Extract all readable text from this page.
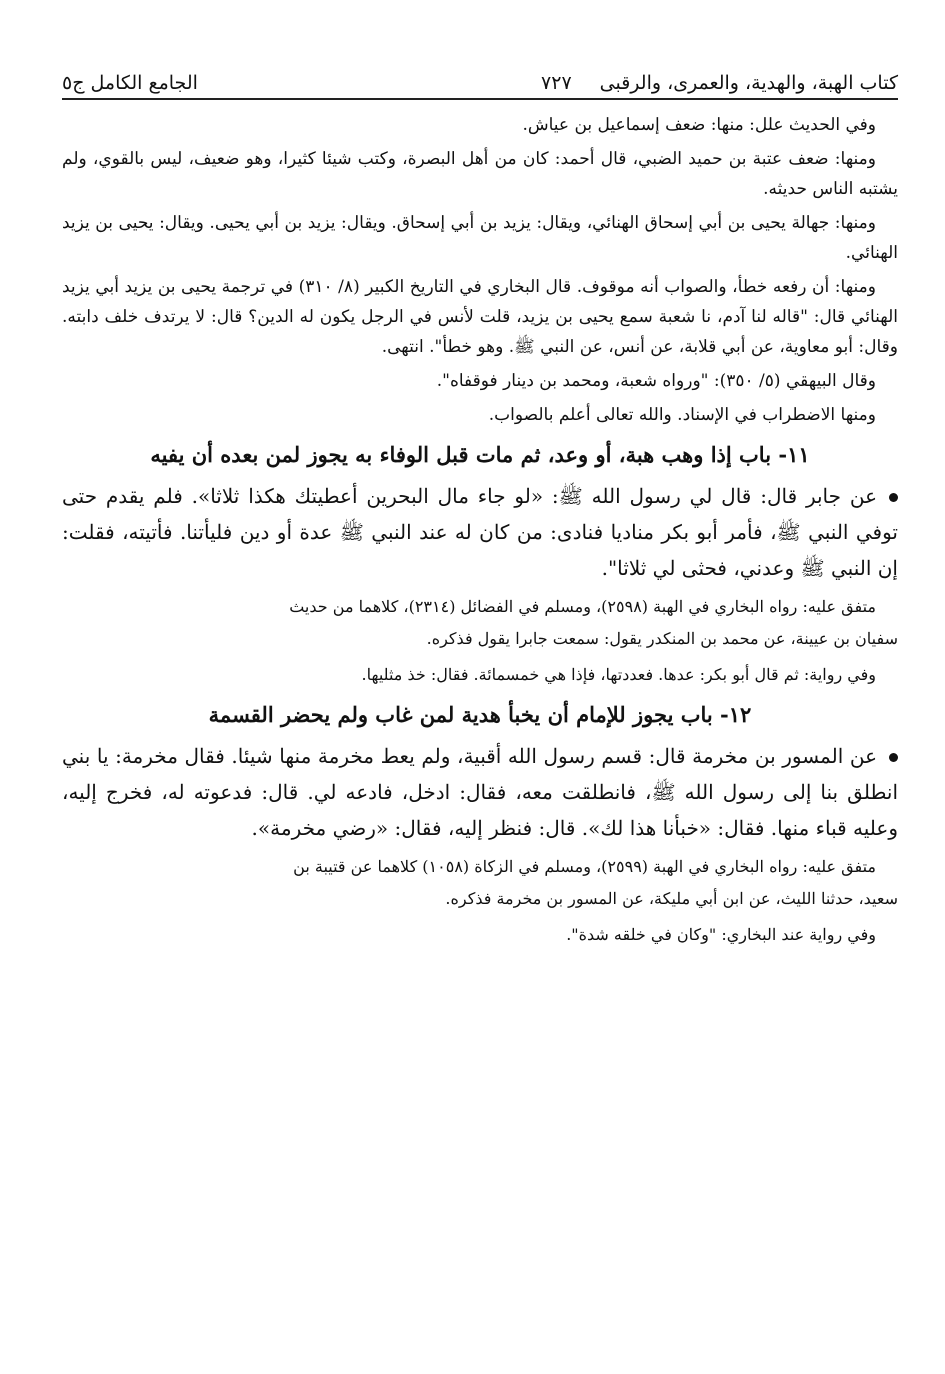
كتاب الهبة، والهدية، والعمرى، والرقبى
٧٢٧
الجامع الكامل ج٥

وفي الحديث علل: منها: ضعف إسماعيل بن عياش.

ومنها: ضعف عتبة بن حميد الضبي، قال أحمد: كان من أهل البصرة، وكتب شيئا كثيرا، وهو ضعيف، ليس بالقوي، ولم يشتبه الناس حديثه.

ومنها: جهالة يحيى بن أبي إسحاق الهنائي، ويقال: يزيد بن أبي إسحاق. ويقال: يزيد بن أبي يحيى. ويقال: يحيى بن يزيد الهنائي.

ومنها: أن رفعه خطأ، والصواب أنه موقوف. قال البخاري في التاريخ الكبير (٨/ ٣١٠) في ترجمة يحيى بن يزيد أبي يزيد الهنائي قال: "قاله لنا آدم، نا شعبة سمع يحيى بن يزيد، قلت لأنس في الرجل يكون له الدين؟ قال: لا يرتدف خلف دابته. وقال: أبو معاوية، عن أبي قلابة، عن أنس، عن النبي ﷺ. وهو خطأ". انتهى.

وقال البيهقي (٥/ ٣٥٠): "ورواه شعبة، ومحمد بن دينار فوقفاه".

ومنها الاضطراب في الإسناد. والله تعالى أعلم بالصواب.

١١- باب إذا وهب هبة، أو وعد، ثم مات قبل الوفاء به يجوز لمن بعده أن يفيه

عن جابر قال: قال لي رسول الله ﷺ: «لو جاء مال البحرين أعطيتك هكذا ثلاثا». فلم يقدم حتى توفي النبي ﷺ، فأمر أبو بكر مناديا فنادى: من كان له عند النبي ﷺ عدة أو دين فليأتنا. فأتيته، فقلت: إن النبي ﷺ وعدني، فحثى لي ثلاثا".

متفق عليه: رواه البخاري في الهبة (٢٥٩٨)، ومسلم في الفضائل (٢٣١٤)، كلاهما من حديث

سفيان بن عيينة، عن محمد بن المنكدر يقول: سمعت جابرا يقول فذكره.

وفي رواية: ثم قال أبو بكر: عدها. فعددتها، فإذا هي خمسمائة. فقال: خذ مثليها.

١٢- باب يجوز للإمام أن يخبأ هدية لمن غاب ولم يحضر القسمة

عن المسور بن مخرمة قال: قسم رسول الله أقبية، ولم يعط مخرمة منها شيئا. فقال مخرمة: يا بني انطلق بنا إلى رسول الله ﷺ، فانطلقت معه، فقال: ادخل، فادعه لي. قال: فدعوته له، فخرج إليه، وعليه قباء منها. فقال: «خبأنا هذا لك». قال: فنظر إليه، فقال: «رضي مخرمة».

متفق عليه: رواه البخاري في الهبة (٢٥٩٩)، ومسلم في الزكاة (١٠٥٨) كلاهما عن قتيبة بن

سعيد، حدثنا الليث، عن ابن أبي مليكة، عن المسور بن مخرمة فذكره.

وفي رواية عند البخاري: "وكان في خلقه شدة".
